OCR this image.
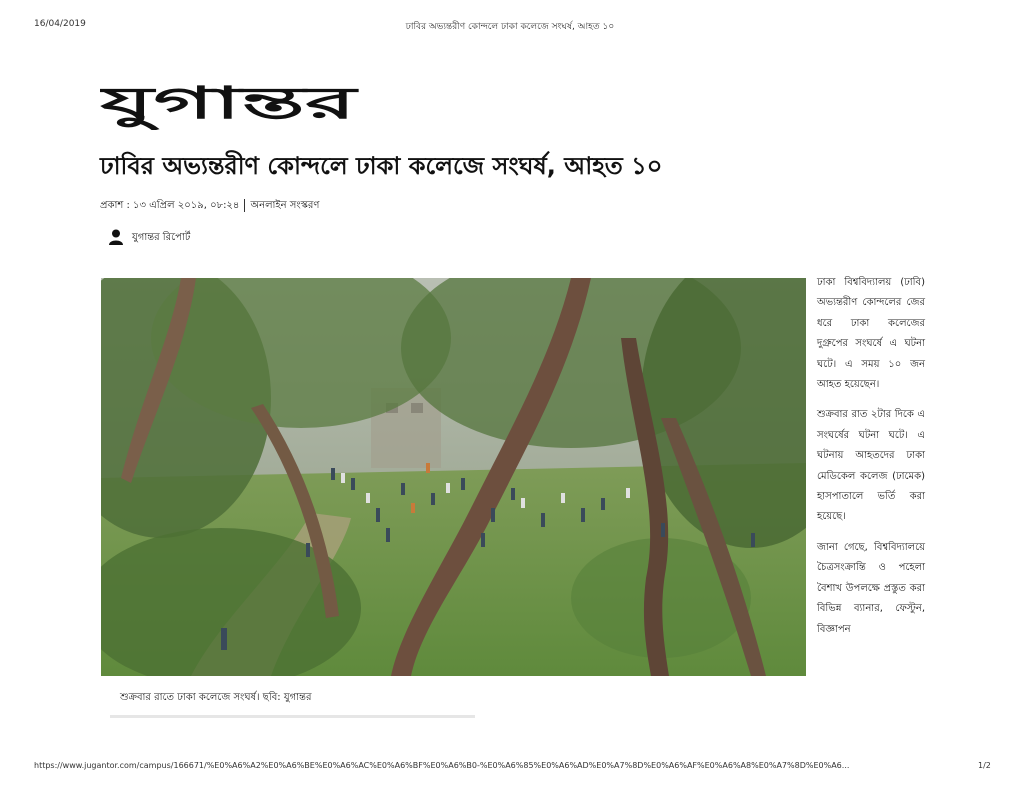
16/04/2019	ঢাবির অভ্যন্তরীণ কোন্দলে ঢাকা কলেজে সংঘর্ষ, আহত ১০
যুগান্তর
ঢাবির অভ্যন্তরীণ কোন্দলে ঢাকা কলেজে সংঘর্ষ, আহত ১০
প্রকাশ : ১৩ এপ্রিল ২০১৯, ০৮:২৪ অনলাইন সংস্করণ
যুগান্তর রিপোর্ট
শুক্রবার রাতে ঢাকা কলেজে সংঘর্ষ। ছবি: যুগান্তর

ঢাকা বিশ্ববিদ্যালয় (ঢাবি) অভ্যন্তরীণ কোন্দলের জের ধরে ঢাকা কলেজের দুগ্রুপের সংঘর্ষে এ ঘটনা ঘটে। এ সময় ১০ জন আহত হয়েছেন।

শুক্রবার রাত ২টার দিকে এ সংঘর্ষের ঘটনা ঘটে। এ ঘটনায় আহতদের ঢাকা মেডিকেল কলেজ (ঢামেক) হাসপাতালে ভর্তি করা হয়েছে।

জানা গেছে, বিশ্ববিদ্যালয়ে চৈত্রসংক্রান্তি ও পহেলা বৈশাখ উপলক্ষে প্রস্তুত করা বিভিন্ন ব্যানার, ফেস্টুন, বিজ্ঞাপন

https://www.jugantor.com/campus/166671/%E0%A6%A2%E0%A6%BE%E0%A6%AC%E0%A6%BF%E0%A6%B0-%E0%A6%85%E0%A6%AD%E0%A7%8D%E0%A6%AF%E0%A6%A8%E0%A7%8D%E0%A6...	1/2
